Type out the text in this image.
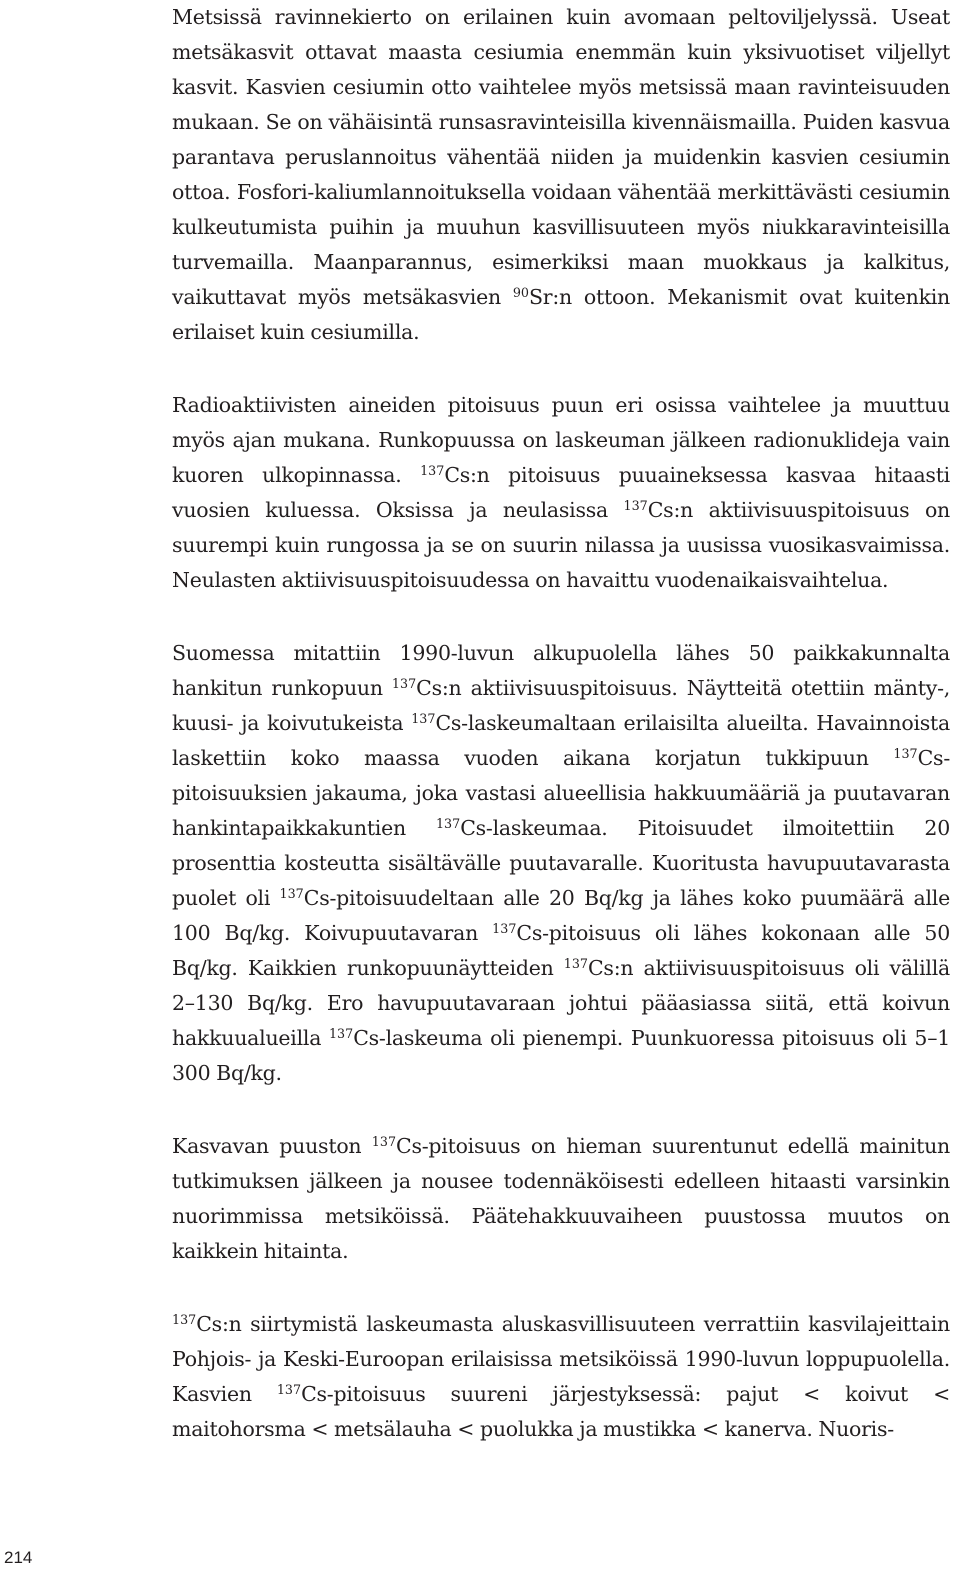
Metsissä ravinnekierto on erilainen kuin avomaan peltoviljelyssä. Useat metsäkasvit ottavat maasta cesiumia enemmän kuin yksivuotiset viljellyt kasvit. Kasvien cesiumin otto vaihtelee myös metsissä maan ravinteisuuden mukaan. Se on vähäisintä runsasravinteisilla kivennäismailla. Puiden kasvua parantava peruslannoitus vähentää niiden ja muidenkin kasvien cesiumin ottoa. Fosfori-kaliumlannoituksella voidaan vähentää merkittävästi cesiumin kulkeutumista puihin ja muuhun kasvillisuuteen myös niukkaravinteisilla turvemailla. Maanparannus, esimerkiksi maan muokkaus ja kalkitus, vaikuttavat myös metsäkasvien $^{90}$Sr:n ottoon. Mekanismit ovat kuitenkin erilaiset kuin cesiumilla.

Radioaktiivisten aineiden pitoisuus puun eri osissa vaihtelee ja muuttuu myös ajan mukana. Runkopuussa on laskeuman jälkeen radionuklideja vain kuoren ulkopinnassa. $^{137}$Cs:n pitoisuus puuaineksessa kasvaa hitaasti vuosien kuluessa. Oksissa ja neulasissa $^{137}$Cs:n aktiivisuuspitoisuus on suurempi kuin rungossa ja se on suurin nilassa ja uusissa vuosikasvaimissa. Neulasten aktiivisuuspitoisuudessa on havaittu vuodenaikaisvaihtelua.

Suomessa mitattiin 1990-luvun alkupuolella lähes 50 paikkakunnalta hankitun runkopuun $^{137}$Cs:n aktiivisuuspitoisuus. Näytteitä otettiin mänty-, kuusi- ja koivutukeista $^{137}$Cs-laskeumaltaan erilaisilta alueilta. Havainnoista laskettiin koko maassa vuoden aikana korjatun tukkipuun $^{137}$Cs-pitoisuuksien jakauma, joka vastasi alueellisia hakkuumääriä ja puutavaran hankintapaikkakuntien $^{137}$Cs-laskeumaa. Pitoisuudet ilmoitettiin 20 prosenttia kosteutta sisältävälle puutavaralle. Kuoritusta havupuutavarasta puolet oli $^{137}$Cs-pitoisuudeltaan alle 20 Bq/kg ja lähes koko puumäärä alle 100 Bq/kg. Koivupuutavaran $^{137}$Cs-pitoisuus oli lähes kokonaan alle 50 Bq/kg. Kaikkien runkopuunäytteiden $^{137}$Cs:n aktiivisuuspitoisuus oli välillä 2–130 Bq/kg. Ero havupuutavaraan johtui pääasiassa siitä, että koivun hakkuualueilla $^{137}$Cs-laskeuma oli pienempi. Puunkuoressa pitoisuus oli 5–1 300 Bq/kg.

Kasvavan puuston $^{137}$Cs-pitoisuus on hieman suurentunut edellä mainitun tutkimuksen jälkeen ja nousee todennäköisesti edelleen hitaasti varsinkin nuorimmissa metsiköissä. Päätehakkuuvaiheen puustossa muutos on kaikkein hitainta.

$^{137}$Cs:n siirtymistä laskeumasta aluskasvillisuuteen verrattiin kasvilajeittain Pohjois- ja Keski-Euroopan erilaisissa metsiköissä 1990-luvun loppupuolella. Kasvien $^{137}$Cs-pitoisuus suureni järjestyksessä: pajut < koivut < maitohorsma < metsälauha < puolukka ja mustikka < kanerva. Nuoris-

214
